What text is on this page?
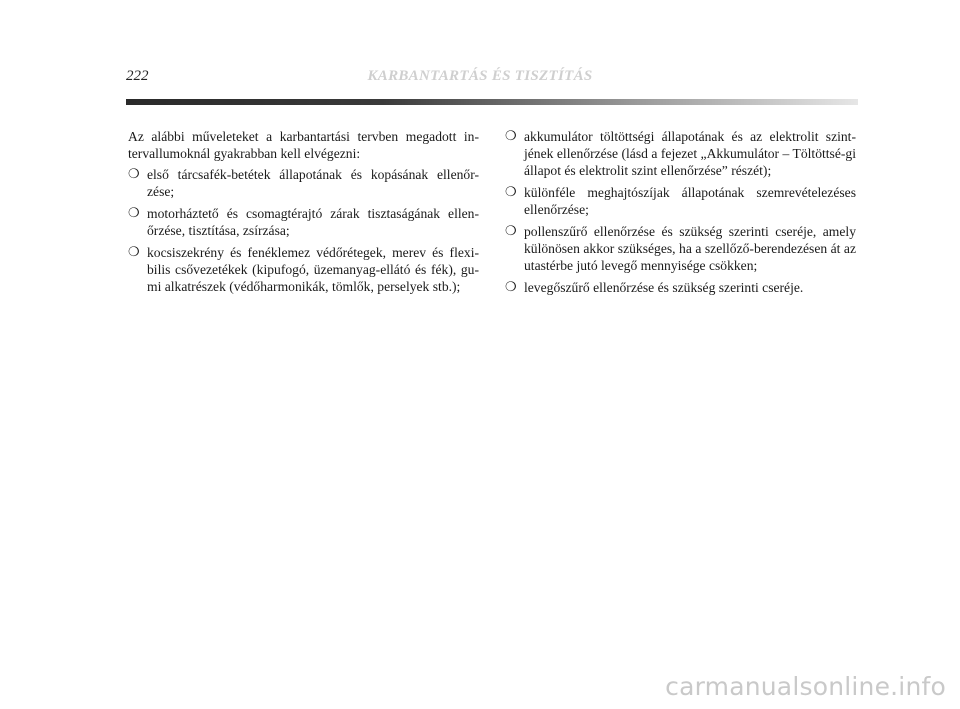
222	KARBANTARTÁS ÉS TISZTÍTÁS

Az alábbi műveleteket a karbantartási tervben megadott in-tervallumoknál gyakrabban kell elvégezni:

❍ első tárcsafék-betétek állapotának és kopásának ellenőr-zése;
❍ motorháztető és csomagtérajtó zárak tisztaságának ellen-őrzése, tisztítása, zsírzása;
❍ kocsiszekrény és fenéklemez védőrétegek, merev és flexi-bilis csővezetékek (kipufogó, üzemanyag-ellátó és fék), gu-mi alkatrészek (védőharmonikák, tömlők, perselyek stb.);
❍ akkumulátor töltöttségi állapotának és az elektrolit szint-jének ellenőrzése (lásd a fejezet „Akkumulátor – Töltöttsé-gi állapot és elektrolit szint ellenőrzése” részét);
❍ különféle meghajtószíjak állapotának szemrevételezéses ellenőrzése;
❍ pollenszűrő ellenőrzése és szükség szerinti cseréje, amely különösen akkor szükséges, ha a szellőző-berendezésen át az utastérbe jutó levegő mennyisége csökken;
❍ levegőszűrő ellenőrzése és szükség szerinti cseréje.
carmanualsonline.info
